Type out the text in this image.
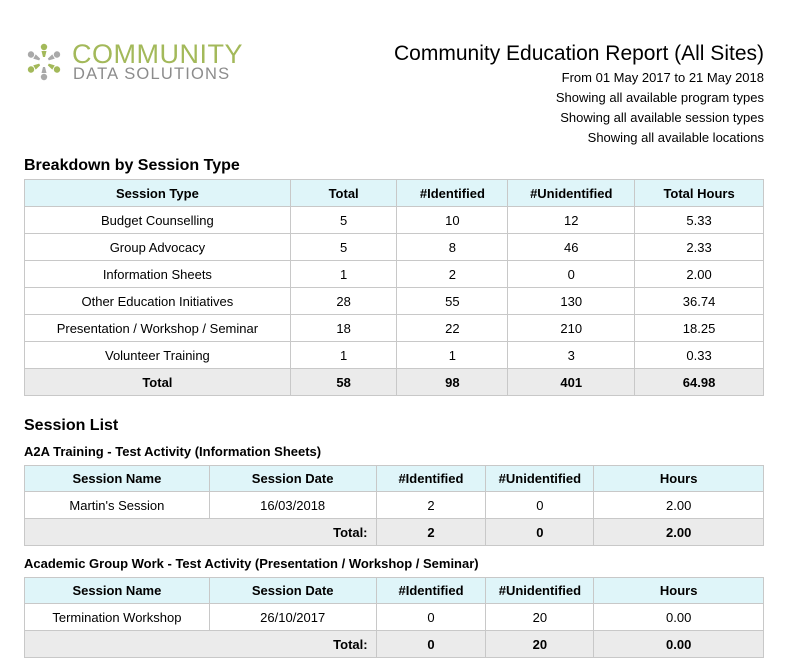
COMMUNITY
DATA SOLUTIONS
Community Education Report (All Sites)
From 01 May 2017 to 21 May 2018
Showing all available program types
Showing all available session types
Showing all available locations
Breakdown by Session Type
Session Type	Total	#Identified	#Unidentified	Total Hours
Budget Counselling	5	10	12	5.33
Group Advocacy	5	8	46	2.33
Information Sheets	1	2	0	2.00
Other Education Initiatives	28	55	130	36.74
Presentation / Workshop / Seminar	18	22	210	18.25
Volunteer Training	1	1	3	0.33
Total	58	98	401	64.98
Session List
A2A Training - Test Activity (Information Sheets)
Session Name	Session Date	#Identified	#Unidentified	Hours
Martin's Session	16/03/2018	2	0	2.00
Total:		2	0	2.00
Academic Group Work - Test Activity (Presentation / Workshop / Seminar)
Session Name	Session Date	#Identified	#Unidentified	Hours
Termination Workshop	26/10/2017	0	20	0.00
Total:		0	20	0.00
